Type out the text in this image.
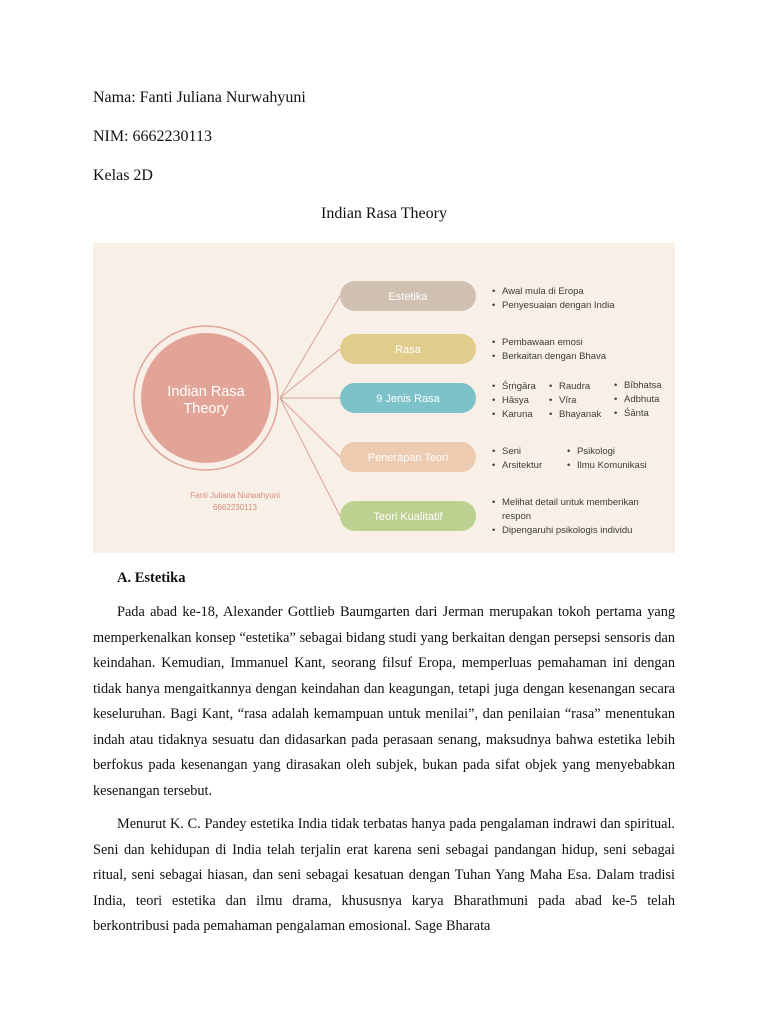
Nama: Fanti Juliana Nurwahyuni
NIM: 6662230113
Kelas 2D
Indian Rasa Theory
Indian Rasa
Theory
Fanti Juliana Nurwahyuni
6662230113
Estetika
Rasa
9 Jenis Rasa
Penerapan Teori
Teori Kualitatif
• Awal mula di Eropa
• Penyesuaian dengan India
• Pembawaan emosi
• Berkaitan dengan Bhava
• Śṛṅgāra
• Hāsya
• Karuṇa
• Raudra
• Vīra
• Bhayanak
• Bībhatsa
• Adbhuta
• Śānta
• Seni
• Arsitektur
• Psikologi
• Ilmu Komunikasi
• Melihat detail untuk memberikan
respon
• Dipengaruhi psikologis individu
A. Estetika

Pada abad ke-18, Alexander Gottlieb Baumgarten dari Jerman merupakan tokoh pertama yang memperkenalkan konsep “estetika” sebagai bidang studi yang berkaitan dengan persepsi sensoris dan keindahan. Kemudian, Immanuel Kant, seorang filsuf Eropa, memperluas pemahaman ini dengan tidak hanya mengaitkannya dengan keindahan dan keagungan, tetapi juga dengan kesenangan secara keseluruhan. Bagi Kant, “rasa adalah kemampuan untuk menilai”, dan penilaian “rasa” menentukan indah atau tidaknya sesuatu dan didasarkan pada perasaan senang, maksudnya bahwa estetika lebih berfokus pada kesenangan yang dirasakan oleh subjek, bukan pada sifat objek yang menyebabkan kesenangan tersebut.

Menurut K. C. Pandey estetika India tidak terbatas hanya pada pengalaman indrawi dan spiritual. Seni dan kehidupan di India telah terjalin erat karena seni sebagai pandangan hidup, seni sebagai ritual, seni sebagai hiasan, dan seni sebagai kesatuan dengan Tuhan Yang Maha Esa. Dalam tradisi India, teori estetika dan ilmu drama, khususnya karya Bharathmuni pada abad ke-5 telah berkontribusi pada pemahaman pengalaman emosional. Sage Bharata
